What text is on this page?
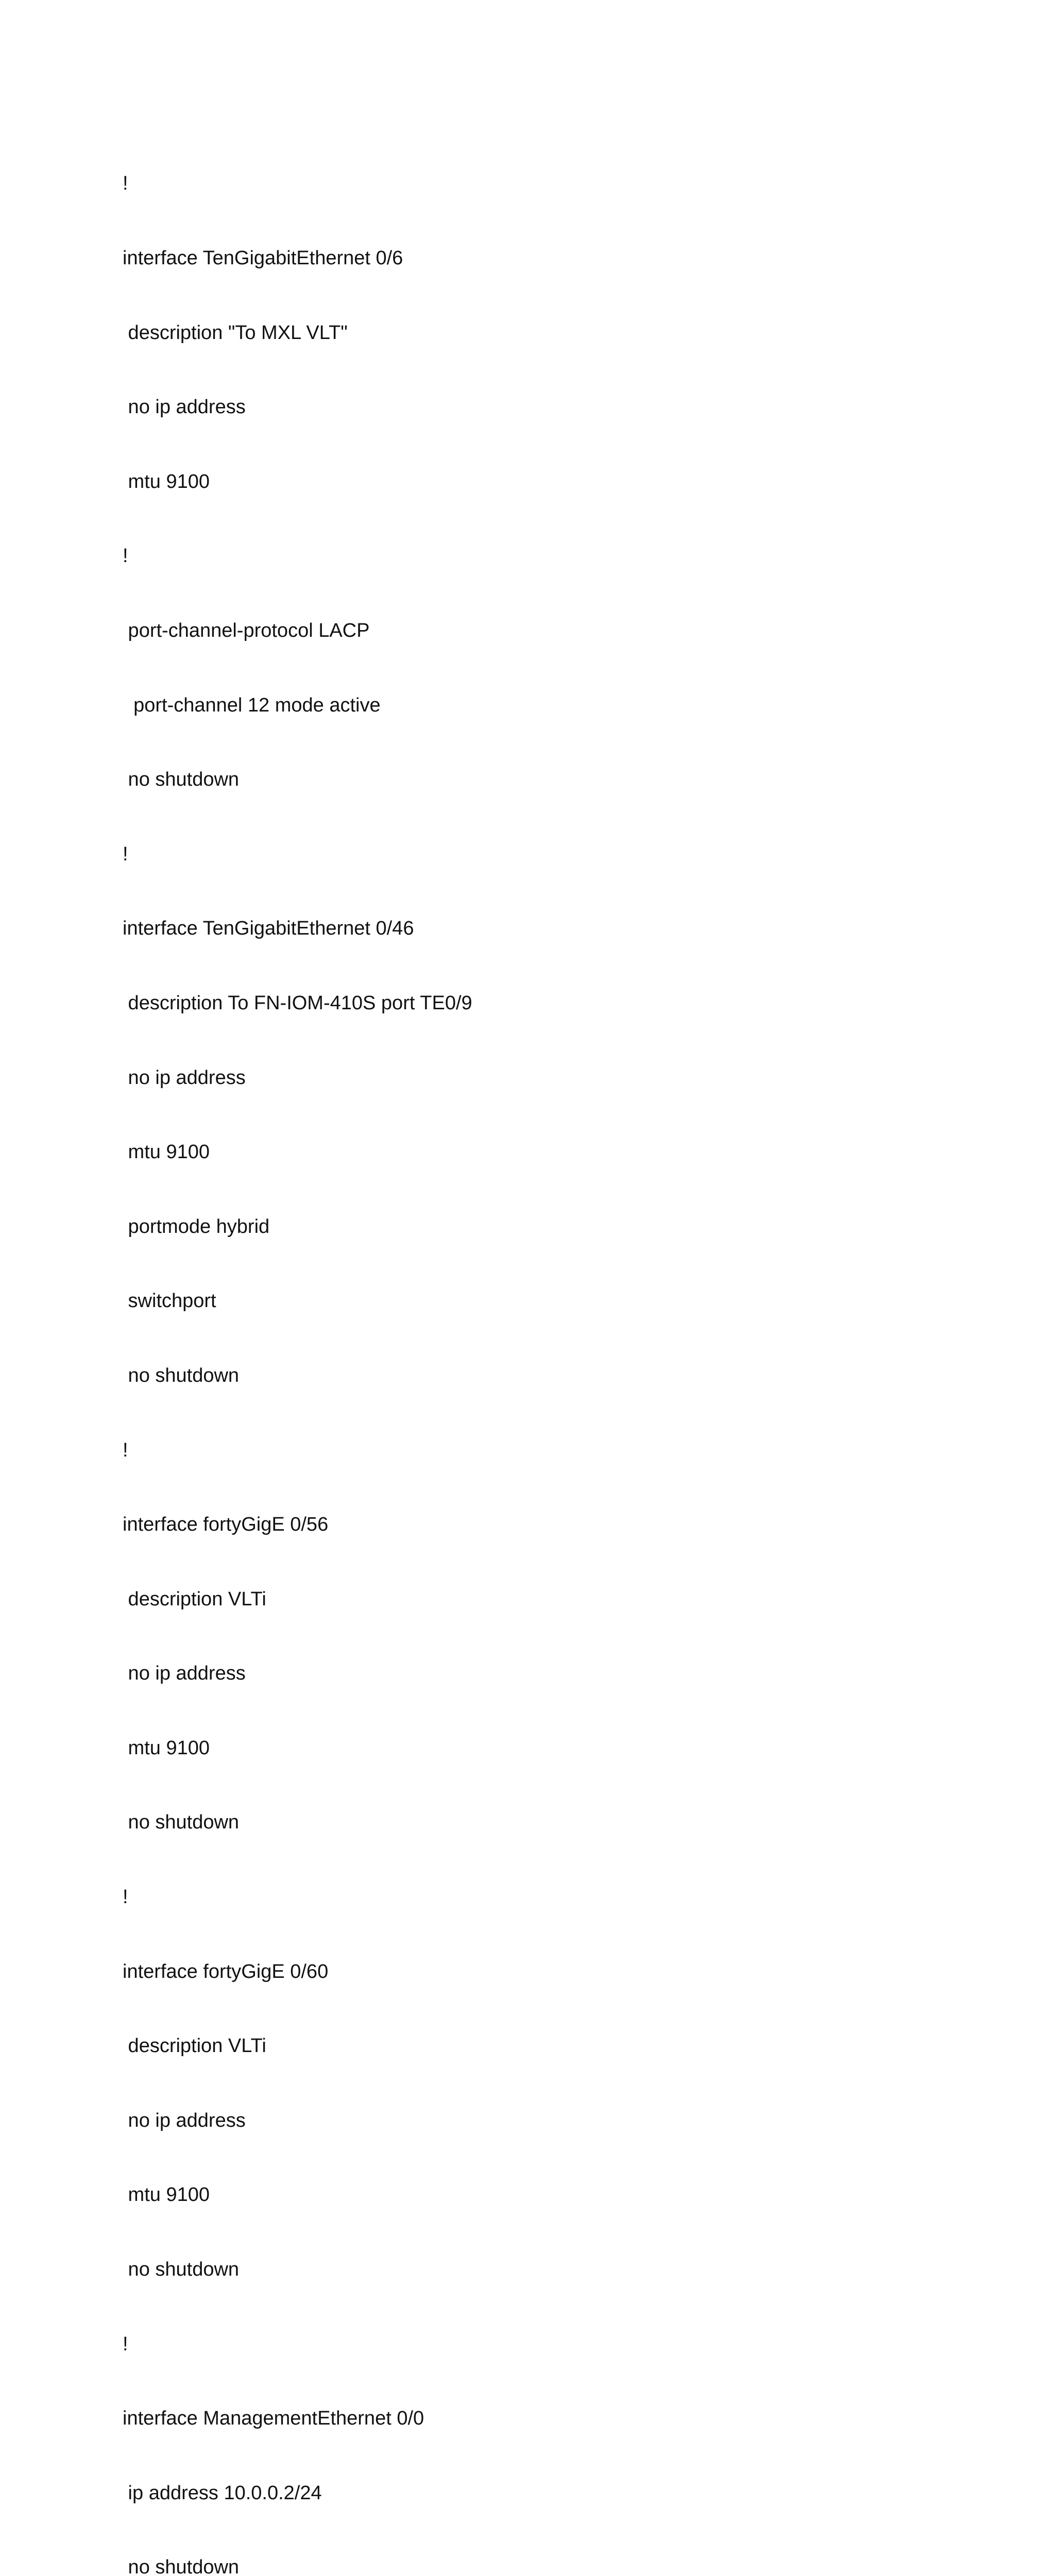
!

interface TenGigabitEthernet 0/6

description "To MXL VLT"

no ip address

mtu 9100

!

port-channel-protocol LACP

port-channel 12 mode active

no shutdown

!

interface TenGigabitEthernet 0/46

description To FN-IOM-410S port TE0/9

no ip address

mtu 9100

portmode hybrid

switchport

no shutdown

!

interface fortyGigE 0/56

description VLTi

no ip address

mtu 9100

no shutdown

!

interface fortyGigE 0/60

description VLTi

no ip address

mtu 9100

no shutdown

!

interface ManagementEthernet 0/0

ip address 10.0.0.2/24

no shutdown
